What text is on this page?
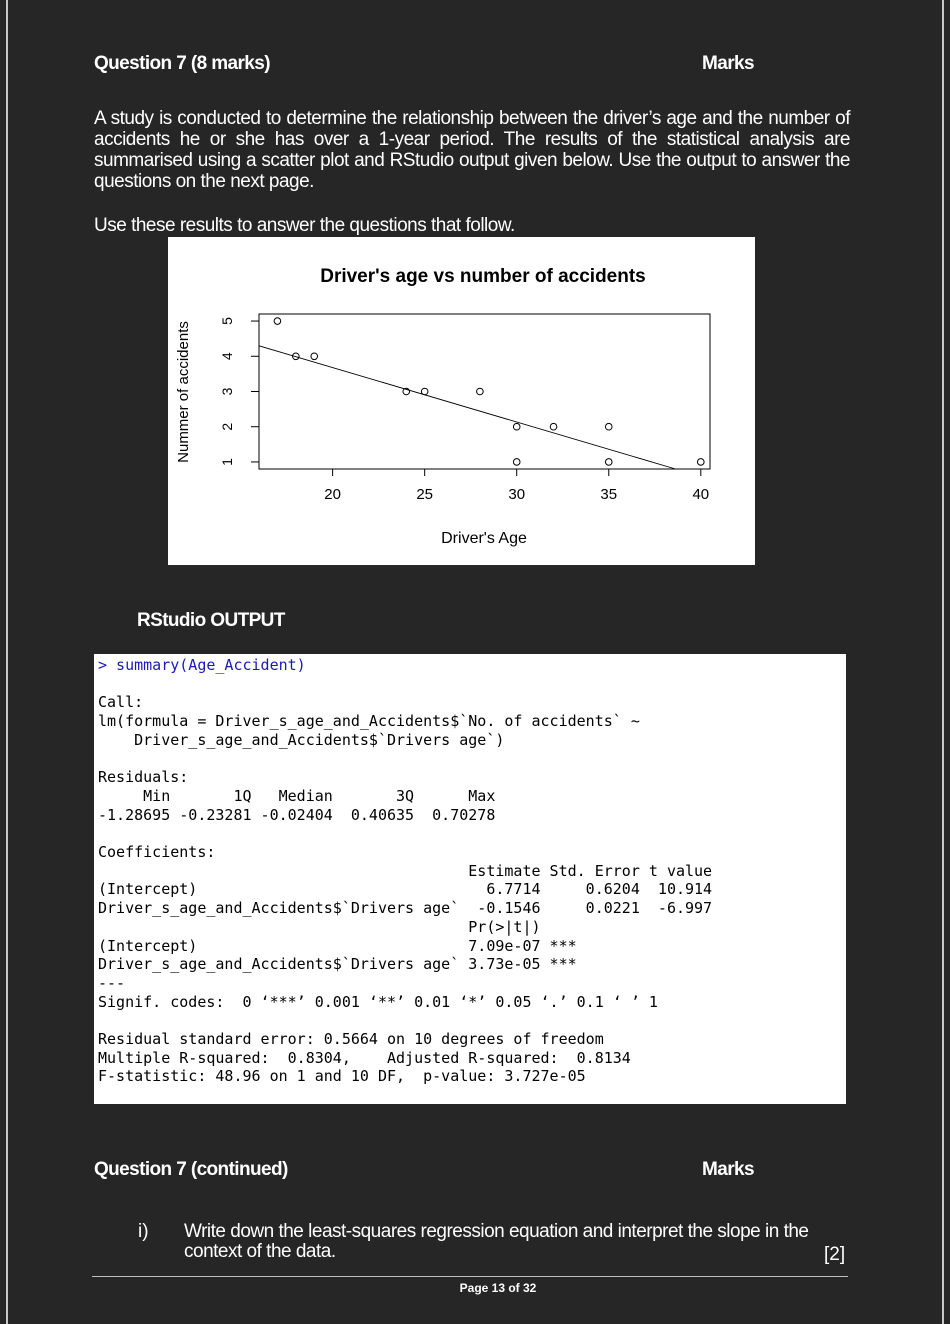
Question 7 (8 marks)	Marks

A study is conducted to determine the relationship between the driver’s age and the number of accidents he or she has over a 1-year period. The results of the statistical analysis are summarised using a scatter plot and RStudio output given below. Use the output to answer the questions on the next page.

Use these results to answer the questions that follow.

Driver's age vs number of accidents
20	25	30	35	40
1
2
3
4
5
Driver's Age
Nummer of accidents
RStudio OUTPUT
> summary(Age_Accident)

Call:
lm(formula = Driver_s_age_and_Accidents$`No. of accidents` ~
Driver_s_age_and_Accidents$`Drivers age`)

Residuals:
Min       1Q   Median       3Q      Max
-1.28695 -0.23281 -0.02404  0.40635  0.70278

Coefficients:
Estimate Std. Error t value
(Intercept)                                6.7714     0.6204  10.914
Driver_s_age_and_Accidents$`Drivers age`  -0.1546     0.0221  -6.997
Pr(>|t|)
(Intercept)                              7.09e-07 ***
Driver_s_age_and_Accidents$`Drivers age` 3.73e-05 ***
---
Signif. codes:  0 ‘***’ 0.001 ‘**’ 0.01 ‘*’ 0.05 ‘.’ 0.1 ‘ ’ 1

Residual standard error: 0.5664 on 10 degrees of freedom
Multiple R-squared:  0.8304,	Adjusted R-squared:  0.8134
F-statistic: 48.96 on 1 and 10 DF,  p-value: 3.727e-05
Question 7 (continued)	Marks
i) Write down the least-squares regression equation and interpret the slope in the context of the data.	[2]
Page 13 of 32
